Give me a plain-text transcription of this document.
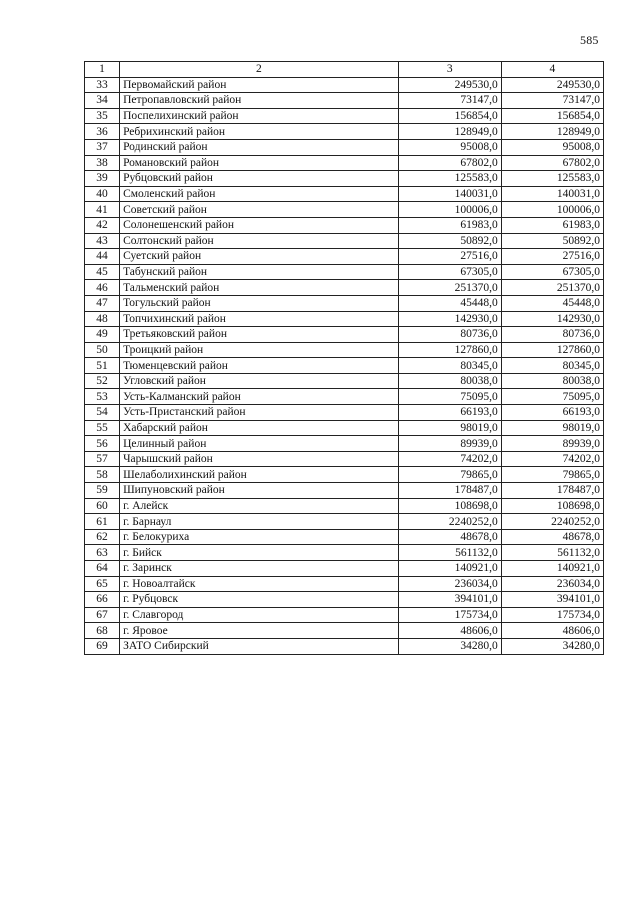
585
1	2	3	4
33	Первомайский район	249530,0	249530,0
34	Петропавловский район	73147,0	73147,0
35	Поспелихинский район	156854,0	156854,0
36	Ребрихинский район	128949,0	128949,0
37	Родинский район	95008,0	95008,0
38	Романовский район	67802,0	67802,0
39	Рубцовский район	125583,0	125583,0
40	Смоленский район	140031,0	140031,0
41	Советский район	100006,0	100006,0
42	Солонешенский район	61983,0	61983,0
43	Солтонский район	50892,0	50892,0
44	Суетский район	27516,0	27516,0
45	Табунский район	67305,0	67305,0
46	Тальменский район	251370,0	251370,0
47	Тогульский район	45448,0	45448,0
48	Топчихинский район	142930,0	142930,0
49	Третьяковский район	80736,0	80736,0
50	Троицкий район	127860,0	127860,0
51	Тюменцевский район	80345,0	80345,0
52	Угловский район	80038,0	80038,0
53	Усть-Калманский район	75095,0	75095,0
54	Усть-Пристанский район	66193,0	66193,0
55	Хабарский район	98019,0	98019,0
56	Целинный район	89939,0	89939,0
57	Чарышский район	74202,0	74202,0
58	Шелаболихинский район	79865,0	79865,0
59	Шипуновский район	178487,0	178487,0
60	г. Алейск	108698,0	108698,0
61	г. Барнаул	2240252,0	2240252,0
62	г. Белокуриха	48678,0	48678,0
63	г. Бийск	561132,0	561132,0
64	г. Заринск	140921,0	140921,0
65	г. Новоалтайск	236034,0	236034,0
66	г. Рубцовск	394101,0	394101,0
67	г. Славгород	175734,0	175734,0
68	г. Яровое	48606,0	48606,0
69	ЗАТО Сибирский	34280,0	34280,0
